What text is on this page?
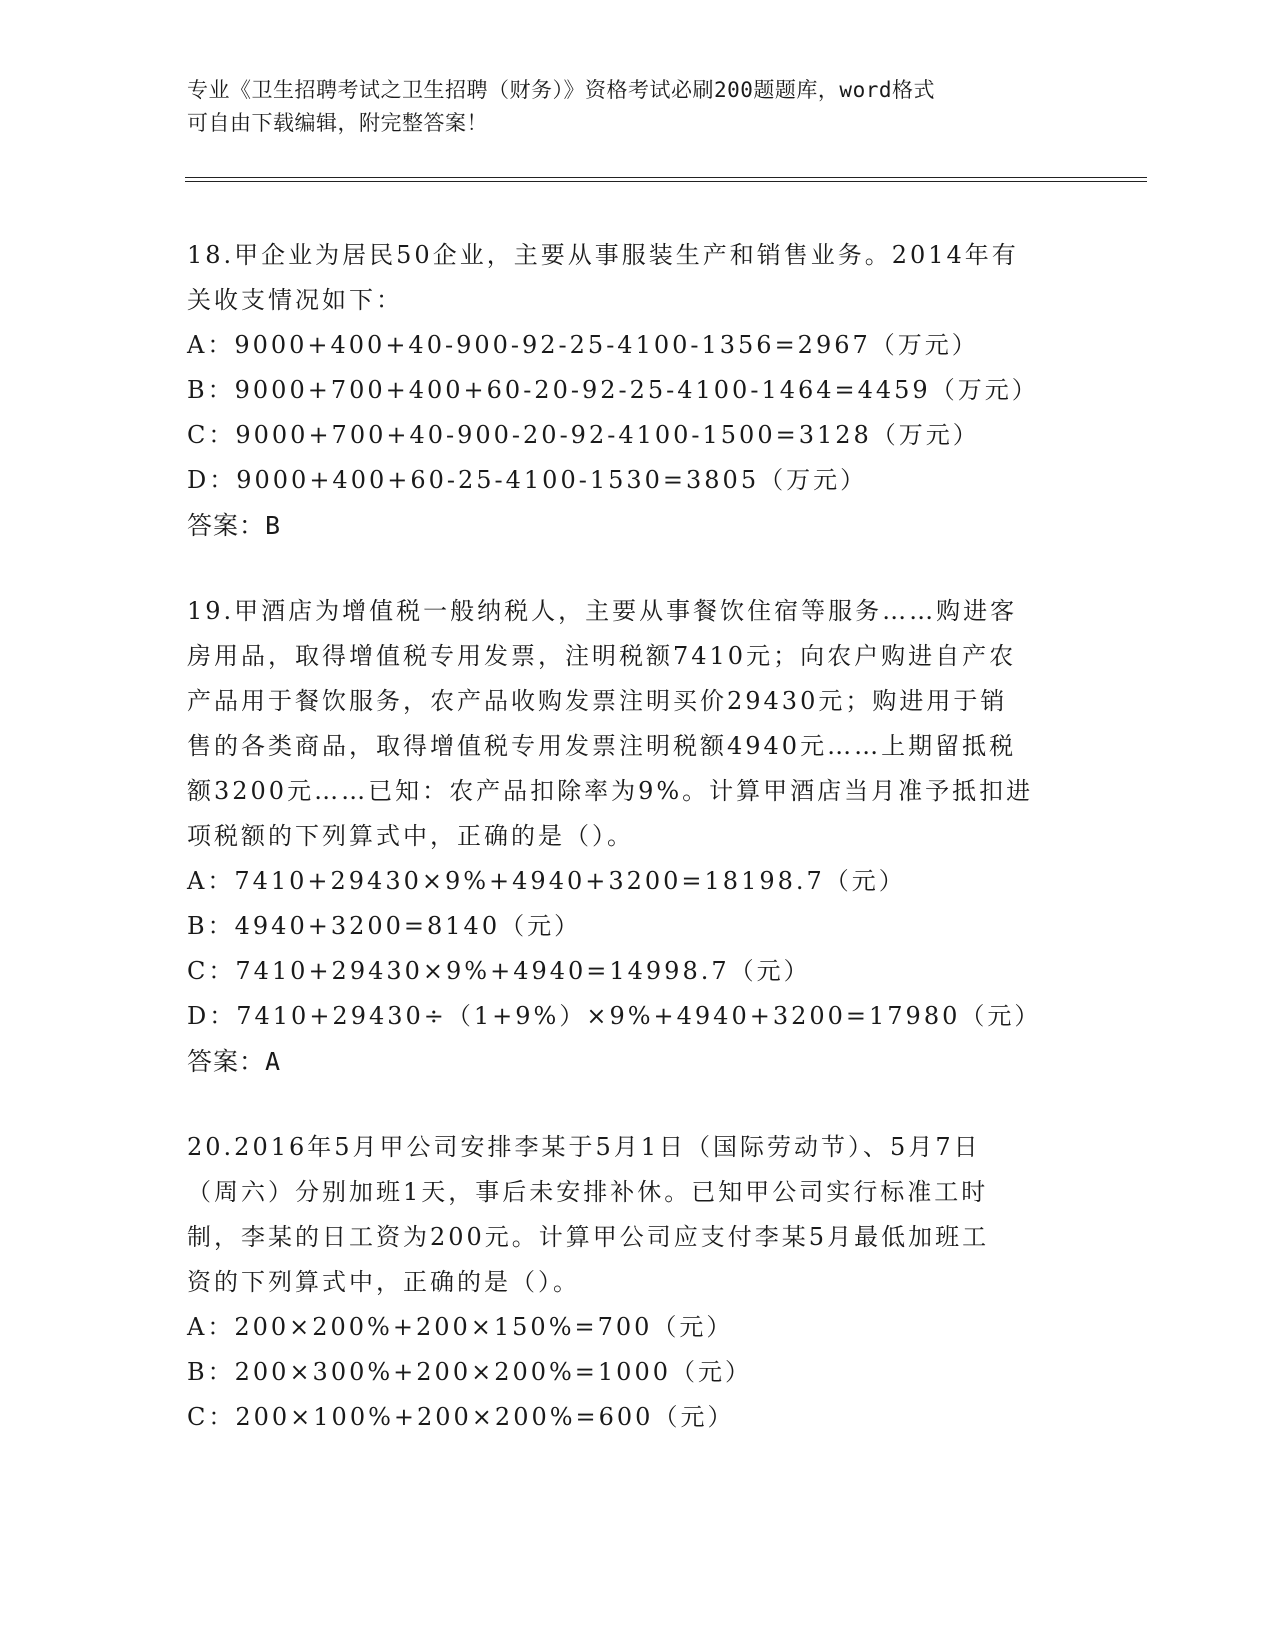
专业《卫生招聘考试之卫生招聘（财务）》资格考试必刷200题题库，word格式
可自由下载编辑，附完整答案！

18.甲企业为居民50企业，主要从事服装生产和销售业务。2014年有

关收支情况如下：

A：9000+400+40-900-92-25-4100-1356=2967（万元）

B：9000+700+400+60-20-92-25-4100-1464=4459（万元）

C：9000+700+40-900-20-92-4100-1500=3128（万元）

D：9000+400+60-25-4100-1530=3805（万元）

答案：B

19.甲酒店为增值税一般纳税人，主要从事餐饮住宿等服务……购进客

房用品，取得增值税专用发票，注明税额7410元；向农户购进自产农

产品用于餐饮服务，农产品收购发票注明买价29430元；购进用于销

售的各类商品，取得增值税专用发票注明税额4940元……上期留抵税

额3200元……已知：农产品扣除率为9%。计算甲酒店当月准予抵扣进

项税额的下列算式中，正确的是（）。

A：7410+29430×9%+4940+3200=18198.7（元）

B：4940+3200=8140（元）

C：7410+29430×9%+4940=14998.7（元）

D：7410+29430÷（1+9%）×9%+4940+3200=17980（元）

答案：A

20.2016年5月甲公司安排李某于5月1日（国际劳动节）、5月7日

（周六）分别加班1天，事后未安排补休。已知甲公司实行标准工时

制，李某的日工资为200元。计算甲公司应支付李某5月最低加班工

资的下列算式中，正确的是（）。

A：200×200%+200×150%=700（元）

B：200×300%+200×200%=1000（元）

C：200×100%+200×200%=600（元）
